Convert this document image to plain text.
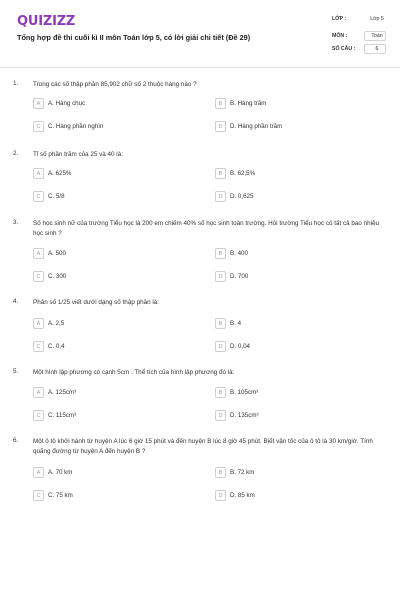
QUIZIZZ
Tổng hợp đề thi cuối kì II môn Toán lớp 5, có lời giải chi tiết (Đề 29)
LỚP :	Lớp 5
MÔN :	Toán
SỐ CÂU :	6
1. Trong các số thập phân 85,902 chữ số 2 thuộc hàng nào ?
A	A. Hàng chục	B	B. Hàng trăm
C	C. Hàng phần nghìn	D	D. Hàng phần trăm
2. Tỉ số phần trăm của 25 và 40 là:
A	A. 625%	B	B. 62,5%
C	C. 5/8	D	D. 0,625
3. Số học sinh nữ của trường Tiểu học là 200 em chiếm 40% số học sinh toàn trường. Hỏi trường Tiểu học có tất cả bao nhiêu học sinh ?
A	A. 500	B	B. 400
C	C. 300	D	D. 700
4. Phân số 1/25 viết dưới dạng số thập phân là:
A	A. 2,5	B	B. 4
C	C. 0,4	D	D. 0,04
5. Một hình lập phương có cạnh 5cm . Thể tích của hình lập phương đó là:
A	A. 125cm³	B	B. 105cm³
C	C. 115cm³	D	D. 135cm³
6. Một ô tô khởi hành từ huyện A lúc 6 giờ 15 phút và đến huyện B lúc 8 giờ 45 phút. Biết vận tốc của ô tô là 30 km/giờ. Tính quãng đường từ huyện A đến huyện B ?
A	A. 70 km	B	B. 72 km
C	C. 75 km	D	D. 85 km
